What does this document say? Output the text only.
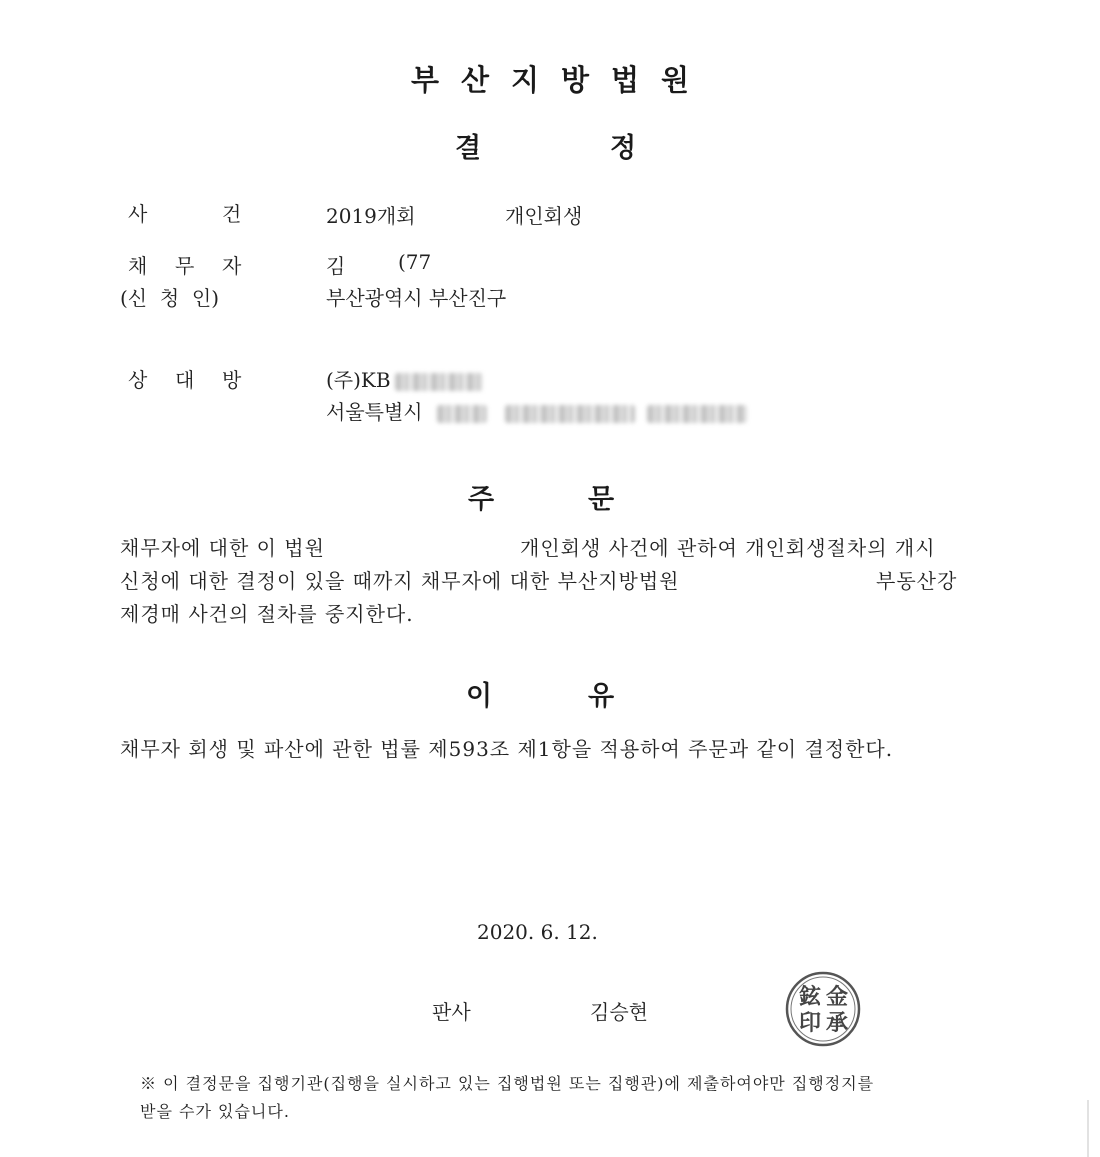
부산지방법원
결	정
사	건	2019개회	개인회생
채 무 자	김	(77
(신  청  인)	부산광역시 부산진구
상 대 방	(주)KB
서울특별시
주	문
채무자에 대한 이 법원	개인회생 사건에 관하여 개인회생절차의 개시
신청에 대한 결정이 있을 때까지 채무자에 대한 부산지방법원	부동산강
제경매 사건의 절차를 중지한다.
이	유
채무자 회생 및 파산에 관한 법률 제593조 제1항을 적용하여 주문과 같이 결정한다.
2020. 6. 12.
판사	김승현
金
承
鉉
印
※ 이 결정문을 집행기관(집행을 실시하고 있는 집행법원 또는 집행관)에 제출하여야만 집행정지를
받을 수가 있습니다.
